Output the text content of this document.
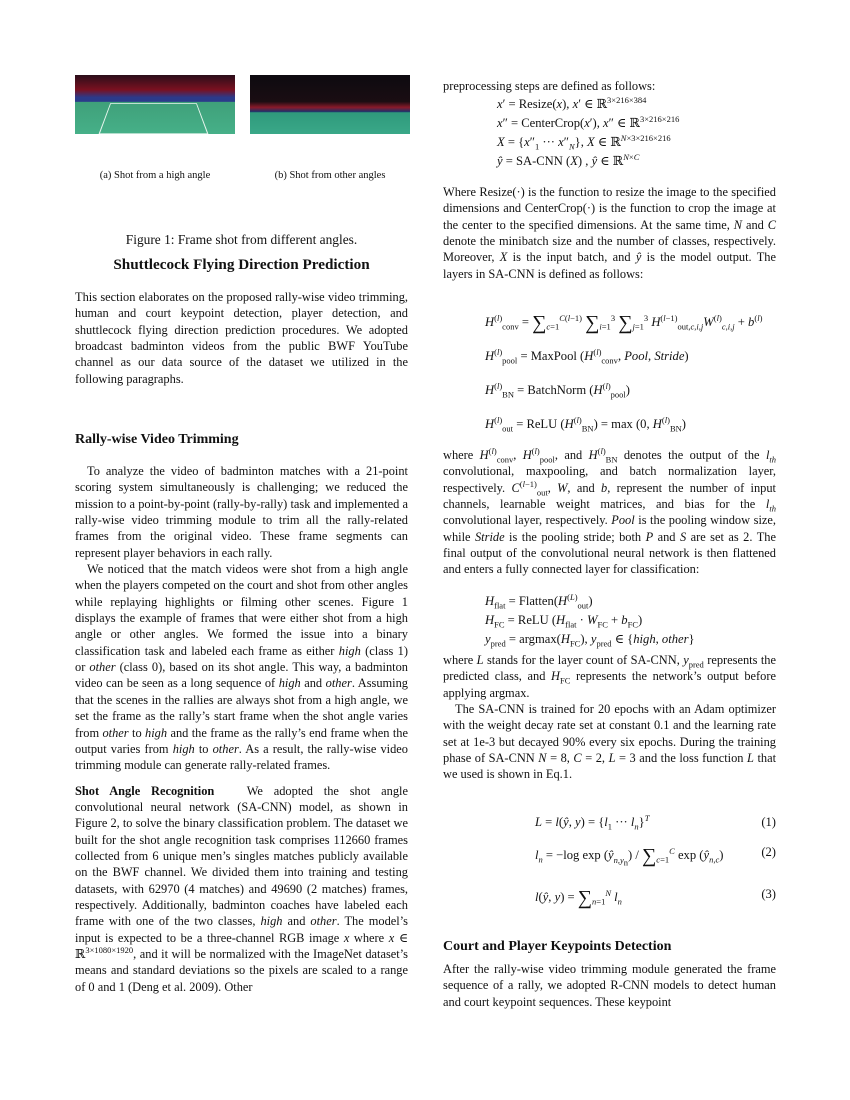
(a) Shot from a high angle	(b) Shot from other angles
Figure 1: Frame shot from different angles.
Shuttlecock Flying Direction Prediction

This section elaborates on the proposed rally-wise video trimming, human and court keypoint detection, player detection, and shuttlecock flying direction prediction procedures. We adopted broadcast badminton videos from the public BWF YouTube channel as our data source of the dataset we utilized in the following paragraphs.

Rally-wise Video Trimming

To analyze the video of badminton matches with a 21-point scoring system simultaneously is challenging; we reduced the mission to a point-by-point (rally-by-rally) task and implemented a rally-wise video trimming module to trim all the rally-related frames from the original video. These frame segments can represent player behaviors in each rally.

We noticed that the match videos were shot from a high angle when the players competed on the court and shot from other angles while replaying highlights or filming other scenes. Figure 1 displays the example of frames that were either shot from a high angle or other angles. We formed the issue into a binary classification task and labeled each frame as either high (class 1) or other (class 0), based on its shot angle. This way, a badminton video can be seen as a long sequence of high and other. Assuming that the scenes in the rallies are always shot from a high angle, we set the frame as the rally’s start frame when the shot angle varies from other to high and the frame as the rally’s end frame when the output varies from high to other. As a result, the rally-wise video trimming module can generate rally-related frames.

Shot Angle Recognition	We adopted the shot angle convolutional neural network (SA-CNN) model, as shown in Figure 2, to solve the binary classification problem. The dataset we built for the shot angle recognition task comprises 112660 frames collected from 6 unique men’s singles matches publicly available on the BWF channel. We divided them into training and testing datasets, with 62970 (4 matches) and 49690 (2 matches) frames, respectively. Additionally, badminton coaches have labeled each frame with one of the two classes, high and other. The model’s input is expected to be a three-channel RGB image x where x ∈ ℝ$^{3\times 1080\times 1920}$, and it will be normalized with the ImageNet dataset’s means and standard deviations so the pixels are scaled to a range of 0 and 1 (Deng et al. 2009). Other

preprocessing steps are defined as follows:

x′ = Resize(x), x′ ∈ ℝ$^{3\times 216\times 384}$
x″ = CenterCrop(x′), x″ ∈ ℝ$^{3\times 216\times 216}$
$X = \{x''_1$ ··· $x''_N$}, X ∈ ℝ$^{N\times 3\times 216\times 216}$
ŷ = SA-CNN (X) , ŷ ∈ ℝ$^{N\times C}$

Where Resize(·) is the function to resize the image to the specified dimensions and CenterCrop(·) is the function to crop the image at the center to the specified dimensions. At the same time, N and C denote the minibatch size and the number of classes, respectively. Moreover, X is the input batch, and ŷ is the model output. The layers in SA-CNN is defined as follows:

$H^{(l)}_{conv} = \sum_{c=1}^{C(l-1)}$ $\sum_{i=1}^3$ $\sum_{j=1}^3$ $H^{(l-1)}_{out,c,i,j}W^{(l)}_{c,i,j} + b^{(l)}$
$H^{(l)}_{pool}$ = MaxPool ($H^{(l)}_{conv}$, Pool, Stride)
$H^{(l)}_{BN}$ = BatchNorm $(H^{(l)}_{pool})$
$H^{(l)}_{out}$ = ReLU $(H^{(l)}_{BN}) = \max (0$, $H^{(l)}_{BN}$)

where $H^{(l)}_{conv}$, $H^{(l)}_{pool}$, and $H^{(l)}_{BN}$ denotes the output of the $l_{th}$ convolutional, maxpooling, and batch normalization layer, respectively. $C^{(l-1)}_{out}$, W, and b, represent the number of input channels, learnable weight matrices, and bias for the $l_{th}$ convolutional layer, respectively. Pool is the pooling window size, while Stride is the pooling stride; both P and S are set as 2. The final output of the convolutional neural network is then flattened and enters a fully connected layer for classification:

$H_{flat}$ = $Flatten(H^{(L)}_{out})$
$H_{FC}$ = ReLU $(H_{flat} \cdot W_{FC} + b_{FC})$
$y_{pred} = argmax(H_{FC})$, $y_{pred}$ ∈ {high, other}

where L stands for the layer count of SA-CNN, $y_{pred}$ represents the predicted class, and $H_{FC}$ represents the network’s output before applying argmax.

The SA-CNN is trained for 20 epochs with an Adam optimizer with the weight decay rate set at constant 0.1 and the learning rate set at 1e-3 but decayed 90% every six epochs. During the training phase of SA-CNN N = 8, C = 2, L = 3 and the loss function L that we used is shown in Eq.1.

L = l(ŷ, $y) = \{l_1$ ··· $l_n\}^T$	(1)
$l_n = -\log$ $\exp (ŷ_{n,y_n}) / \sum_{c=1}^C$ $\exp (ŷ_{n,c})$	(2)
l(ŷ, $y) = \sum_{n=1}^N$ $l_n$
(3)
Court and Player Keypoints Detection

After the rally-wise video trimming module generated the frame sequence of a rally, we adopted R-CNN models to detect human and court keypoint sequences. These keypoint
